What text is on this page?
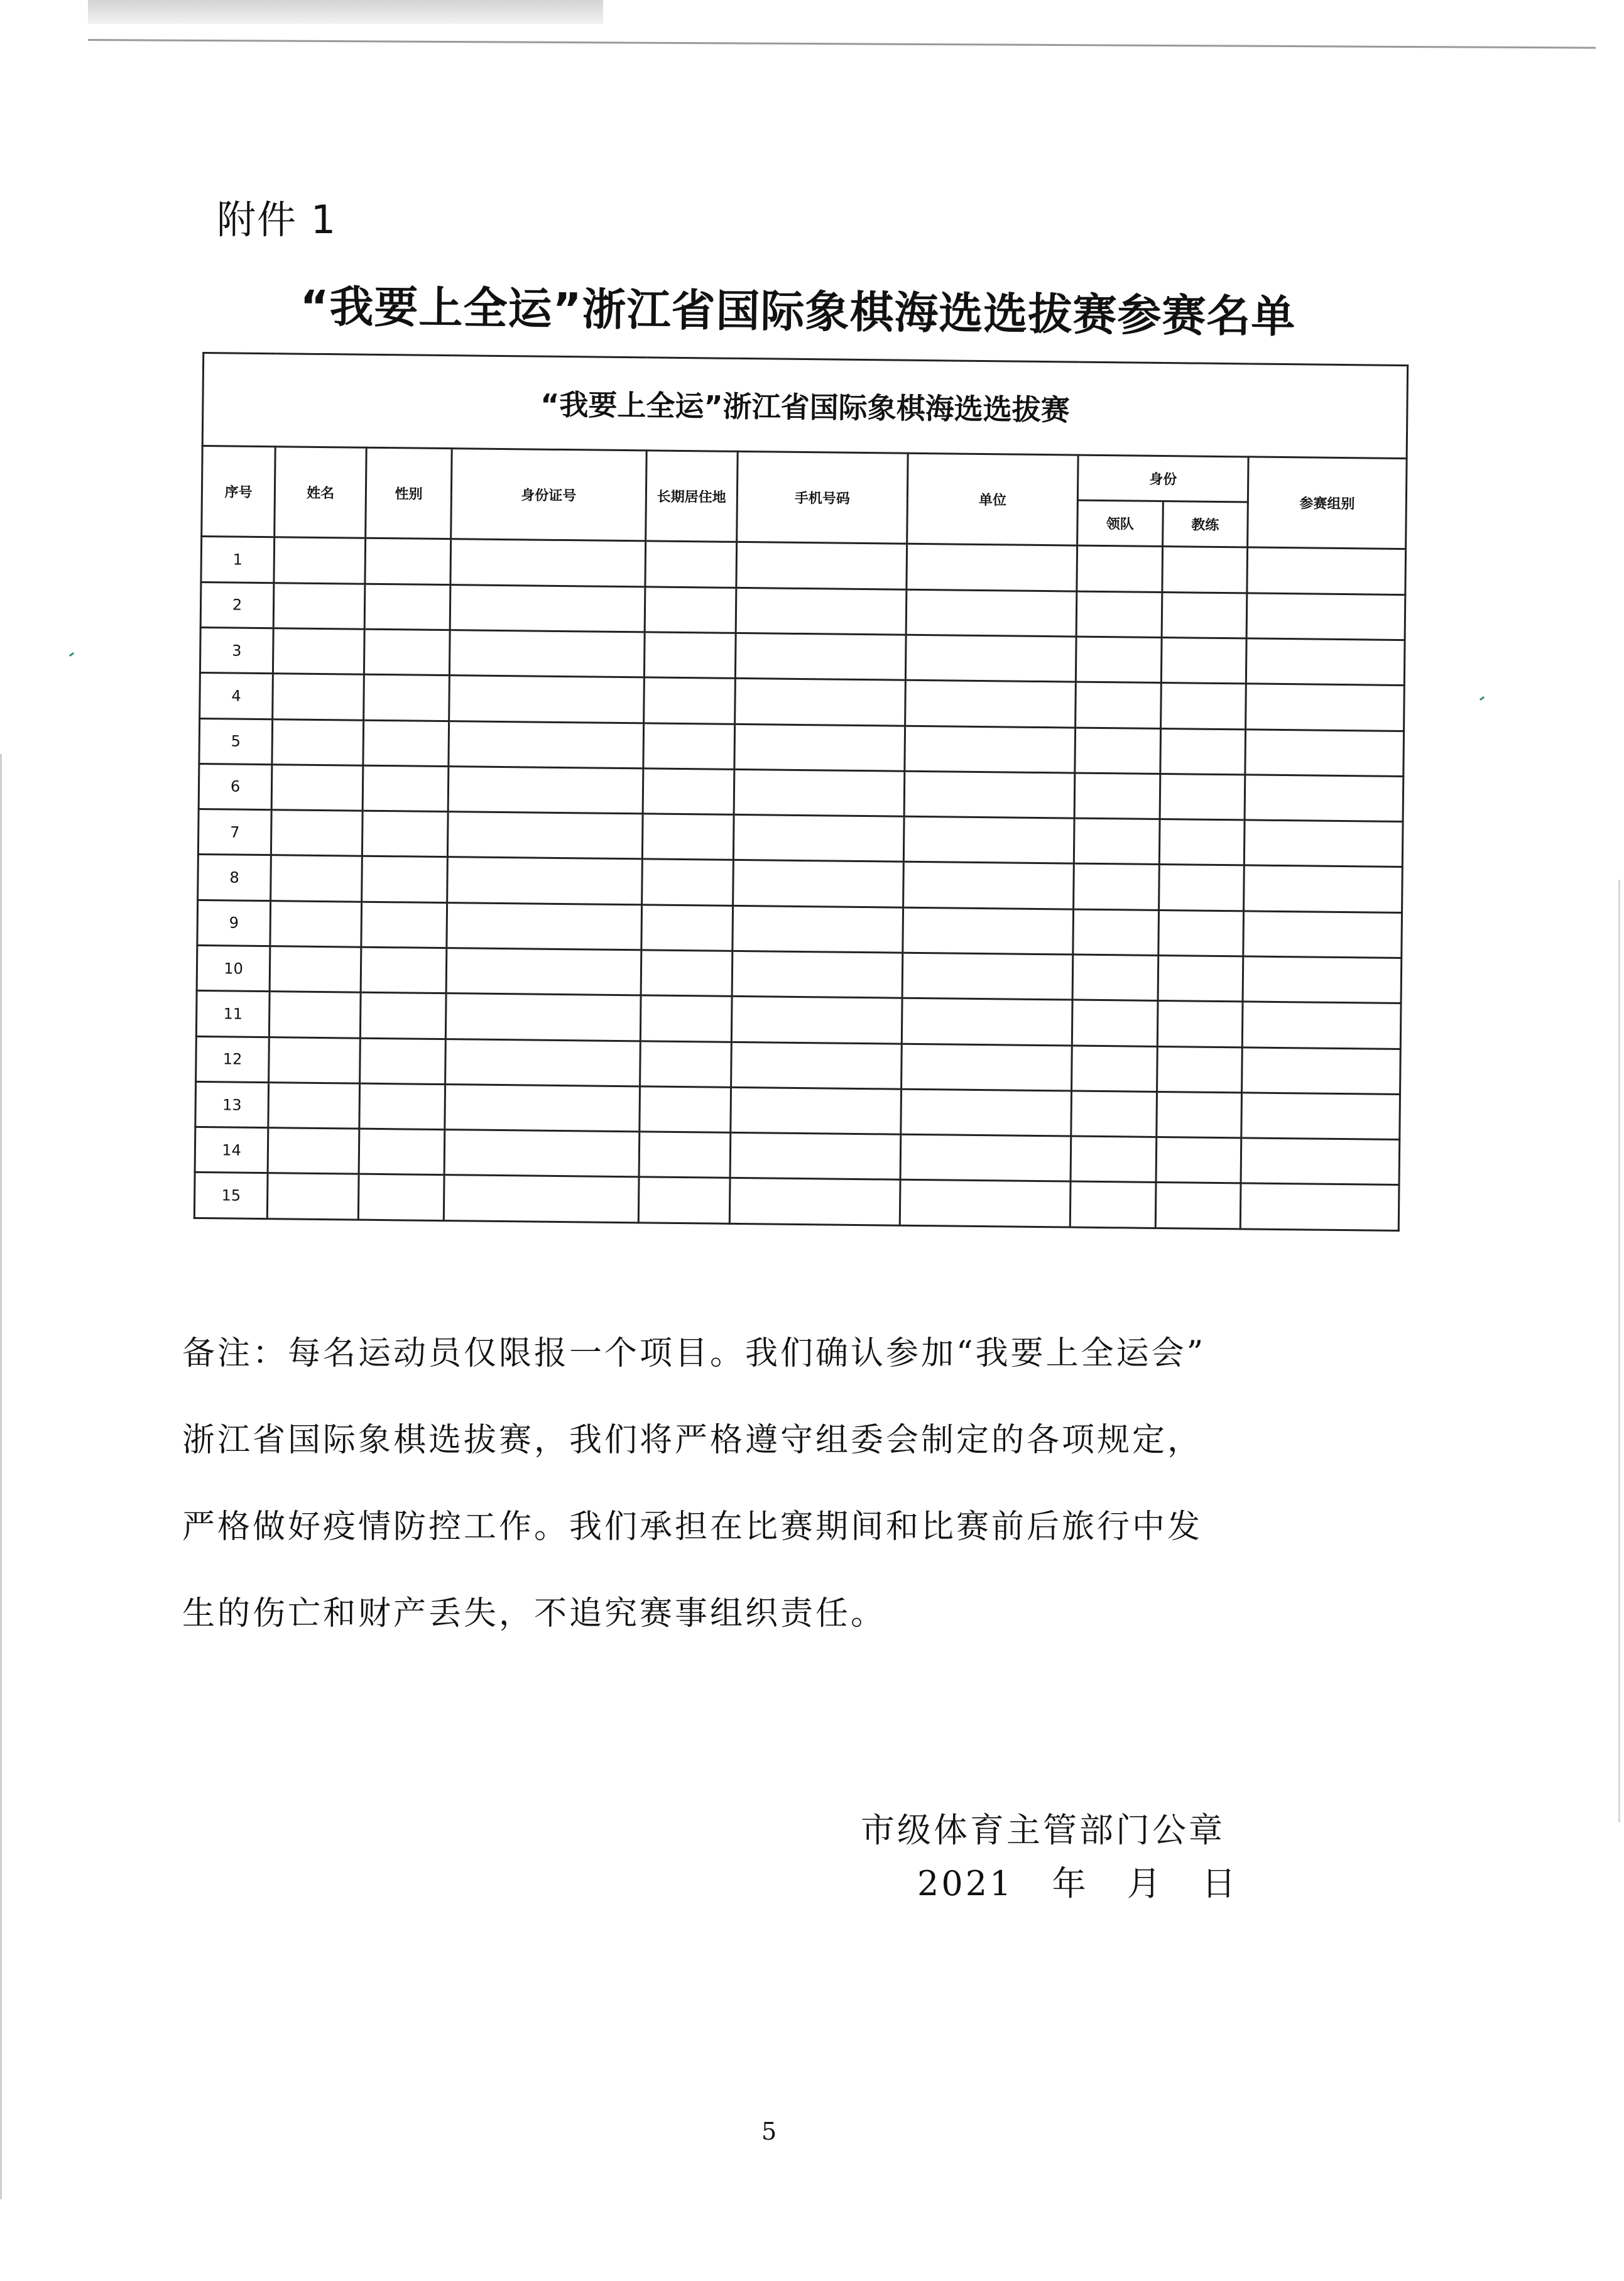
附件 1
“我要上全运”浙江省国际象棋海选选拔赛参赛名单
“我要上全运”浙江省国际象棋海选选拔赛									
序号	姓名	性别	身份证号	长期居住地	手机号码	单位	身份		参赛组别
							领队	教练	
1									
2									
3									
4									
5									
6									
7									
8									
9									
10									
11									
12									
13									
14									
15									

备注：每名运动员仅限报一个项目。我们确认参加“我要上全运会”

浙江省国际象棋选拔赛，我们将严格遵守组委会制定的各项规定，

严格做好疫情防控工作。我们承担在比赛期间和比赛前后旅行中发

生的伤亡和财产丢失，不追究赛事组织责任。

市级体育主管部门公章
2021 年 月 日
5
